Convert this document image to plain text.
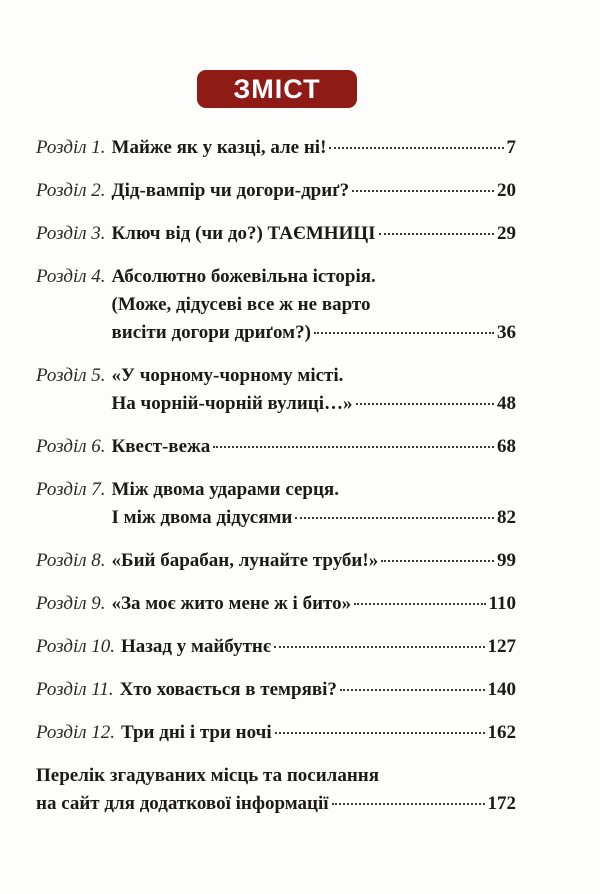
ЗМІСТ
Розділ 1. Майже як у казці, але ні!	7
Розділ 2. Дід-вампір чи догори-дриґ?	20
Розділ 3. Ключ від (чи до?) ТАЄМНИЦІ	29
Розділ 4. Абсолютно божевільна історія.
(Може, дідусеві все ж не варто
висіти догори дриґом?)	36
Розділ 5. «У чорному-чорному місті.
На чорній-чорній вулиці…»	48
Розділ 6. Квест-вежа	68
Розділ 7. Між двома ударами серця.
І між двома дідусями	82
Розділ 8. «Бий барабан, лунайте труби!»	99
Розділ 9. «За моє жито мене ж і бито»	110
Розділ 10. Назад у майбутнє	127
Розділ 11. Хто ховається в темряві?	140
Розділ 12. Три дні і три ночі	162
Перелік згадуваних місць та посилання
на сайт для додаткової інформації	172
